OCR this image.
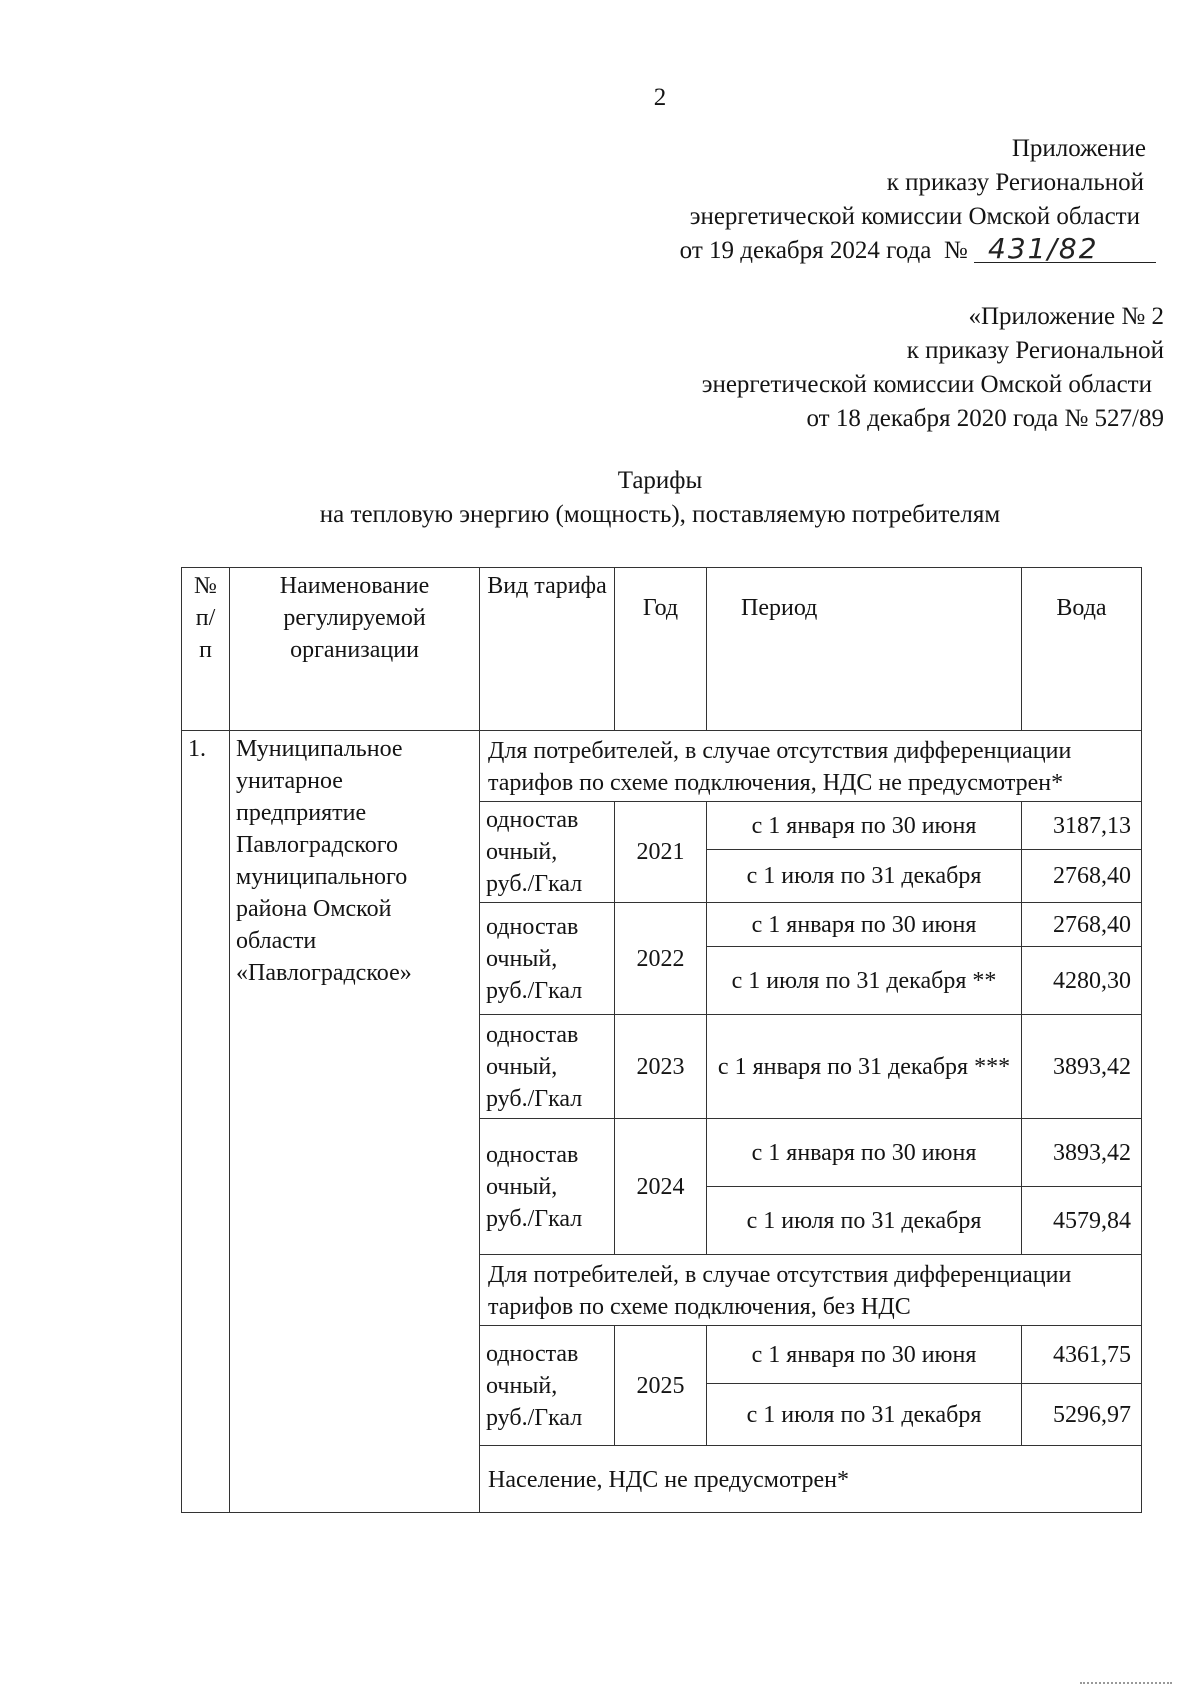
2
Приложение
к приказу Региональной
энергетической комиссии Омской области
от 19 декабря 2024 года № 431/82
«Приложение № 2
к приказу Региональной
энергетической комиссии Омской области
от 18 декабря 2020 года № 527/89
Тарифы
на тепловую энергию (мощность), поставляемую потребителям
№ п/ п	Наименование регулируемой организации	Вид тарифа	Год	Период	Вода
1.	Муниципальное унитарное предприятие Павлоградского муниципального района Омской области «Павлоградское»	Для потребителей, в случае отсутствия дифференциации тарифов по схеме подключения, НДС не предусмотрен*			
		одностав очный, руб./Гкал	2021	с 1 января по 30 июня	3187,13
				с 1 июля по 31 декабря	2768,40
		одностав очный, руб./Гкал	2022	с 1 января по 30 июня	2768,40
				с 1 июля по 31 декабря **	4280,30
		одностав очный, руб./Гкал	2023	с 1 января по 31 декабря ***	3893,42
		одностав очный, руб./Гкал	2024	с 1 января по 30 июня	3893,42
				с 1 июля по 31 декабря	4579,84
		Для потребителей, в случае отсутствия дифференциации тарифов по схеме подключения, без НДС			
		одностав очный, руб./Гкал	2025	с 1 января по 30 июня	4361,75
				с 1 июля по 31 декабря	5296,97
		Население, НДС не предусмотрен*			
